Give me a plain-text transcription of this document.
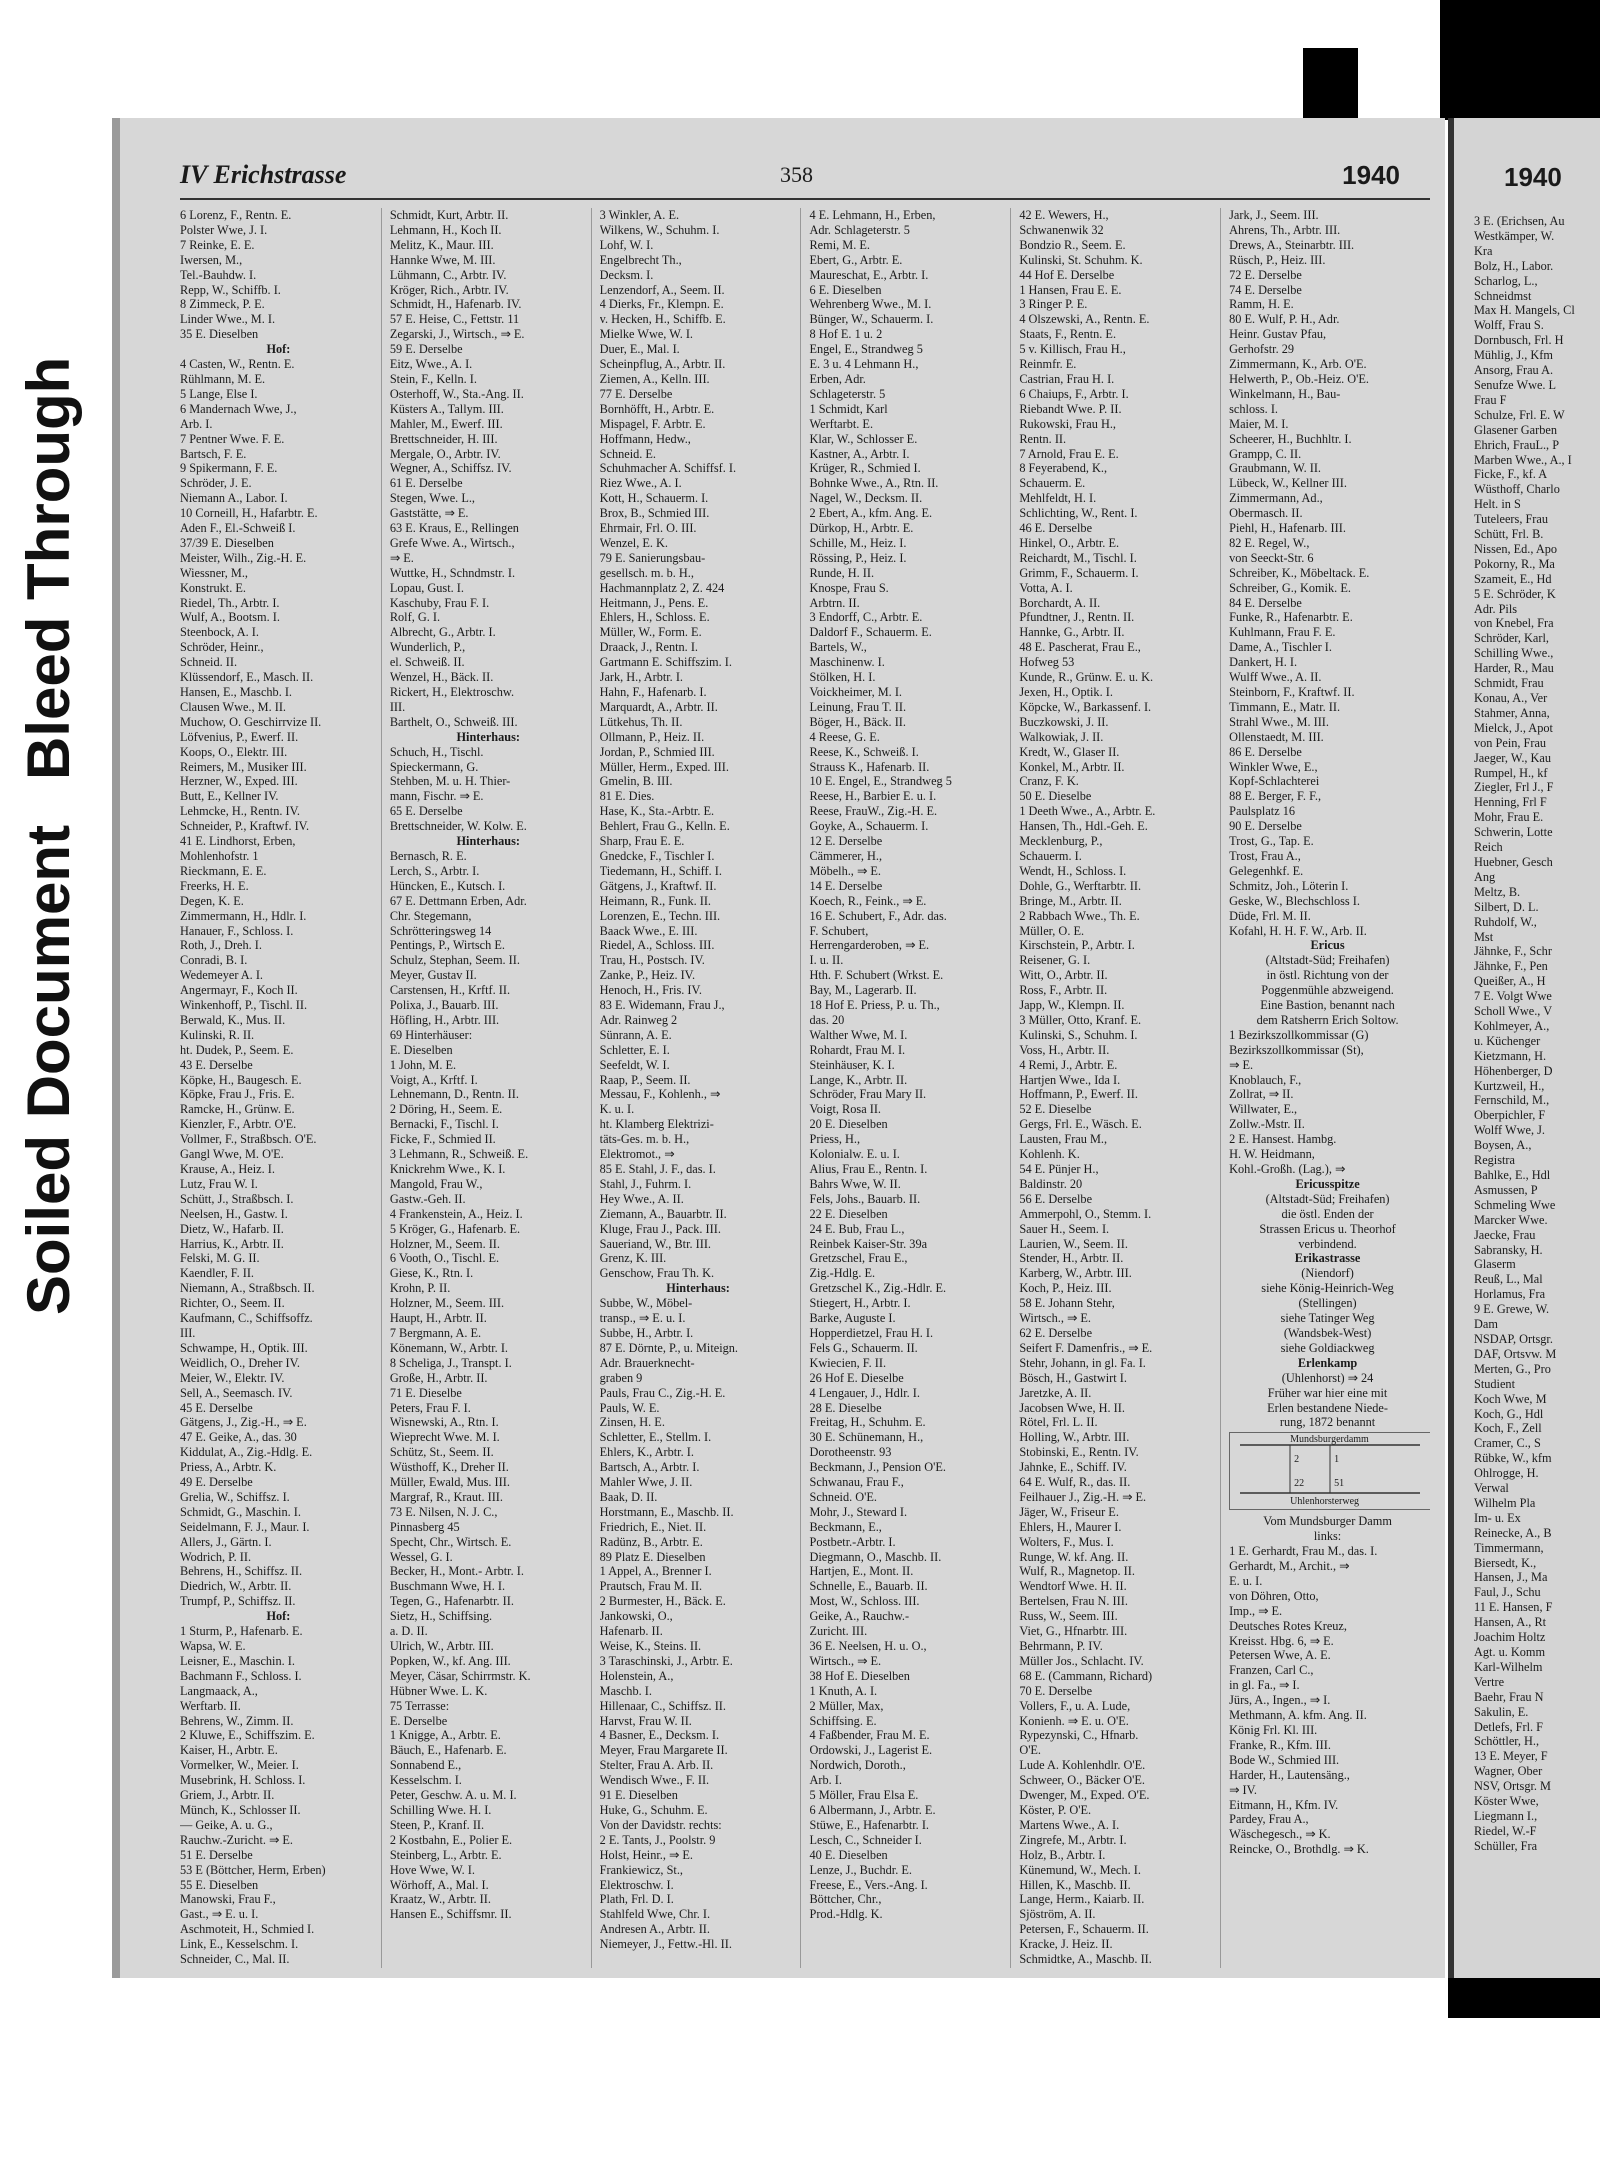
Soiled Document
Bleed Through
IV Erichstrasse	358	1940
6 Lorenz, F., Rentn. E.
Polster Wwe, J. I.
7 Reinke, E. E.
Iwersen, M.,
Tel.-Bauhdw. I.
Repp, W., Schiffb. I.
8 Zimmeck, P. E.
Linder Wwe., M. I.
35 E. Dieselben
Hof:
4 Casten, W., Rentn. E.
Rühlmann, M. E.
5 Lange, Else I.
6 Mandernach Wwe, J.,
Arb. I.
7 Pentner Wwe. F. E.
Bartsch, F. E.
9 Spikermann, F. E.
Schröder, J. E.
Niemann A., Labor. I.
10 Corneill, H., Hafarbtr. E.
Aden F., El.-Schweiß I.
37/39 E. Dieselben
Meister, Wilh., Zig.-H. E.
Wiessner, M.,
Konstrukt. E.
Riedel, Th., Arbtr. I.
Wulf, A., Bootsm. I.
Steenbock, A. I.
Schröder, Heinr.,
Schneid. II.
Klüssendorf, E., Masch. II.
Hansen, E., Maschb. I.
Clausen Wwe., M. II.
Muchow, O. Geschirrvize II.
Löfvenius, P., Ewerf. II.
Koops, O., Elektr. III.
Reimers, M., Musiker III.
Herzner, W., Exped. III.
Butt, E., Kellner IV.
Lehmcke, H., Rentn. IV.
Schneider, P., Kraftwf. IV.
41 E. Lindhorst, Erben,
Mohlenhofstr. 1
Rieckmann, E. E.
Freerks, H. E.
Degen, K. E.
Zimmermann, H., Hdlr. I.
Hanauer, F., Schloss. I.
Roth, J., Dreh. I.
Conradi, B. I.
Wedemeyer A. I.
Angermayr, F., Koch II.
Winkenhoff, P., Tischl. II.
Berwald, K., Mus. II.
Kulinski, R. II.
ht. Dudek, P., Seem. E.
43 E. Derselbe
Köpke, H., Baugesch. E.
Köpke, Frau J., Fris. E.
Ramcke, H., Grünw. E.
Kienzler, F., Arbtr. O'E.
Vollmer, F., Straßbsch. O'E.
Gangl Wwe, M. O'E.
Krause, A., Heiz. I.
Lutz, Frau W. I.
Schütt, J., Straßbsch. I.
Neelsen, H., Gastw. I.
Dietz, W., Hafarb. II.
Harrius, K., Arbtr. II.
Felski, M. G. II.
Kaendler, F. II.
Niemann, A., Straßbsch. II.
Richter, O., Seem. II.
Kaufmann, C., Schiffsoffz.
III.
Schwampe, H., Optik. III.
Weidlich, O., Dreher IV.
Meier, W., Elektr. IV.
Sell, A., Seemasch. IV.
45 E. Derselbe
Gätgens, J., Zig.-H., ⇒ E.
47 E. Geike, A., das. 30
Kiddulat, A., Zig.-Hdlg. E.
Priess, A., Arbtr. K.
49 E. Derselbe
Grelia, W., Schiffsz. I.
Schmidt, G., Maschin. I.
Seidelmann, F. J., Maur. I.
Allers, J., Gärtn. I.
Wodrich, P. II.
Behrens, H., Schiffsz. II.
Diedrich, W., Arbtr. II.
Trumpf, P., Schiffsz. II.
Hof:
1 Sturm, P., Hafenarb. E.
Wapsa, W. E.
Leisner, E., Maschin. I.
Bachmann F., Schloss. I.
Langmaack, A.,
Werftarb. II.
Behrens, W., Zimm. II.
2 Kluwe, E., Schiffszim. E.
Kaiser, H., Arbtr. E.
Vormelker, W., Meier. I.
Musebrink, H. Schloss. I.
Griem, J., Arbtr. II.
Münch, K., Schlosser II.
— Geike, A. u. G.,
Rauchw.-Zuricht. ⇒ E.
51 E. Derselbe
53 E (Böttcher, Herm, Erben)
55 E. Dieselben
Manowski, Frau F.,
Gast., ⇒ E. u. I.
Aschmoteit, H., Schmied I.
Link, E., Kesselschm. I.
Schneider, C., Mal. II.
Schmidt, Kurt, Arbtr. II.
Lehmann, H., Koch II.
Melitz, K., Maur. III.
Hannke Wwe, M. III.
Lühmann, C., Arbtr. IV.
Kröger, Rich., Arbtr. IV.
Schmidt, H., Hafenarb. IV.
57 E. Heise, C., Fettstr. 11
Zegarski, J., Wirtsch., ⇒ E.
59 E. Derselbe
Eitz, Wwe., A. I.
Stein, F., Kelln. I.
Osterhoff, W., Sta.-Ang. II.
Küsters A., Tallym. III.
Mahler, M., Ewerf. III.
Brettschneider, H. III.
Mergale, O., Arbtr. IV.
Wegner, A., Schiffsz. IV.
61 E. Derselbe
Stegen, Wwe. L.,
Gaststätte, ⇒ E.
63 E. Kraus, E., Rellingen
Grefe Wwe. A., Wirtsch.,
⇒ E.
Wuttke, H., Schndmstr. I.
Lopau, Gust. I.
Kaschuby, Frau F. I.
Rolf, G. I.
Albrecht, G., Arbtr. I.
Wunderlich, P.,
el. Schweiß. II.
Wenzel, H., Bäck. II.
Rickert, H., Elektroschw.
III.
Barthelt, O., Schweiß. III.
Hinterhaus:
Schuch, H., Tischl.
Spieckermann, G.
Stehben, M. u. H. Thier-
mann, Fischr. ⇒ E.
65 E. Derselbe
Brettschneider, W. Kolw. E.
Hinterhaus:
Bernasch, R. E.
Lerch, S., Arbtr. I.
Hüncken, E., Kutsch. I.
67 E. Dettmann Erben, Adr.
Chr. Stegemann,
Schrötteringsweg 14
Pentings, P., Wirtsch E.
Schulz, Stephan, Seem. II.
Meyer, Gustav II.
Carstensen, H., Krftf. II.
Polixa, J., Bauarb. III.
Höfling, H., Arbtr. III.
69 Hinterhäuser:
E. Dieselben
1 John, M. E.
Voigt, A., Krftf. I.
Lehnemann, D., Rentn. II.
2 Döring, H., Seem. E.
Bernacki, F., Tischl. I.
Ficke, F., Schmied II.
3 Lehmann, R., Schweiß. E.
Knickrehm Wwe., K. I.
Mangold, Frau W.,
Gastw.-Geh. II.
4 Frankenstein, A., Heiz. I.
5 Kröger, G., Hafenarb. E.
Holzner, M., Seem. II.
6 Vooth, O., Tischl. E.
Giese, K., Rtn. I.
Krohn, P. II.
Holzner, M., Seem. III.
Haupt, H., Arbtr. II.
7 Bergmann, A. E.
Könemann, W., Arbtr. I.
8 Scheliga, J., Transpt. I.
Große, H., Arbtr. II.
71 E. Dieselbe
Peters, Frau F. I.
Wisnewski, A., Rtn. I.
Wieprecht Wwe. M. I.
Schütz, St., Seem. II.
Wüsthoff, K., Dreher II.
Müller, Ewald, Mus. III.
Margraf, R., Kraut. III.
73 E. Nilsen, N. J. C.,
Pinnasberg 45
Specht, Chr., Wirtsch. E.
Wessel, G. I.
Becker, H., Mont.- Arbtr. I.
Buschmann Wwe, H. I.
Tegen, G., Hafenarbtr. II.
Sietz, H., Schiffsing.
a. D. II.
Ulrich, W., Arbtr. III.
Popken, W., kf. Ang. III.
Meyer, Cäsar, Schirrmstr. K.
Hübner Wwe. L. K.
75 Terrasse:
E. Derselbe
1 Knigge, A., Arbtr. E.
Bäuch, E., Hafenarb. E.
Sonnabend E.,
Kesselschm. I.
Peter, Geschw. A. u. M. I.
Schilling Wwe. H. I.
Steen, P., Kranf. II.
2 Kostbahn, E., Polier E.
Steinberg, L., Arbtr. E.
Hove Wwe, W. I.
Wörhoff, A., Mal. I.
Kraatz, W., Arbtr. II.
Hansen E., Schiffsmr. II.
3 Winkler, A. E.
Wilkens, W., Schuhm. I.
Lohf, W. I.
Engelbrecht Th.,
Decksm. I.
Lenzendorf, A., Seem. II.
4 Dierks, Fr., Klempn. E.
v. Hecken, H., Schiffb. E.
Mielke Wwe, W. I.
Duer, E., Mal. I.
Scheinpflug, A., Arbtr. II.
Ziemen, A., Kelln. III.
77 E. Derselbe
Bornhöfft, H., Arbtr. E.
Mispagel, F. Arbtr. E.
Hoffmann, Hedw.,
Schneid. E.
Schuhmacher A. Schiffsf. I.
Riez Wwe., A. I.
Kott, H., Schauerm. I.
Brox, B., Schmied III.
Ehrmair, Frl. O. III.
Wenzel, E. K.
79 E. Sanierungsbau-
gesellsch. m. b. H.,
Hachmannplatz 2, Z. 424
Heitmann, J., Pens. E.
Ehlers, H., Schloss. E.
Müller, W., Form. E.
Draack, J., Rentn. I.
Gartmann E. Schiffszim. I.
Jark, H., Arbtr. I.
Hahn, F., Hafenarb. I.
Marquardt, A., Arbtr. II.
Lütkehus, Th. II.
Ollmann, P., Heiz. II.
Jordan, P., Schmied III.
Müller, Herm., Exped. III.
Gmelin, B. III.
81 E. Dies.
Hase, K., Sta.-Arbtr. E.
Behlert, Frau G., Kelln. E.
Sharp, Frau E. E.
Gnedcke, F., Tischler I.
Tiedemann, H., Schiff. I.
Gätgens, J., Kraftwf. II.
Heimann, R., Funk. II.
Lorenzen, E., Techn. III.
Baack Wwe., E. III.
Riedel, A., Schloss. III.
Trau, H., Postsch. IV.
Zanke, P., Heiz. IV.
Henoch, H., Fris. IV.
83 E. Widemann, Frau J.,
Adr. Rainweg 2
Sünrann, A. E.
Schletter, E. I.
Seefeldt, W. I.
Raap, P., Seem. II.
Messau, F., Kohlenh., ⇒
K. u. I.
ht. Klamberg Elektrizi-
täts-Ges. m. b. H.,
Elektromot., ⇒
85 E. Stahl, J. F., das. I.
Stahl, J., Fuhrm. I.
Hey Wwe., A. II.
Ziemann, A., Bauarbtr. II.
Kluge, Frau J., Pack. III.
Saueriand, W., Btr. III.
Grenz, K. III.
Genschow, Frau Th. K.
Hinterhaus:
Subbe, W., Möbel-
transp., ⇒ E. u. I.
Subbe, H., Arbtr. I.
87 E. Dörnte, P., u. Miteign.
Adr. Brauerknecht-
graben 9
Pauls, Frau C., Zig.-H. E.
Pauls, W. E.
Zinsen, H. E.
Schletter, E., Stellm. I.
Ehlers, K., Arbtr. I.
Bartsch, A., Arbtr. I.
Mahler Wwe, J. II.
Baak, D. II.
Horstmann, E., Maschb. II.
Friedrich, E., Niet. II.
Radünz, B., Arbtr. E.
89 Platz E. Dieselben
1 Appel, A., Brenner I.
Prautsch, Frau M. II.
2 Burmester, H., Bäck. E.
Jankowski, O.,
Hafenarb. II.
Weise, K., Steins. II.
3 Taraschinski, J., Arbtr. E.
Holenstein, A.,
Maschb. I.
Hillenaar, C., Schiffsz. II.
Harvst, Frau W. II.
4 Basner, E., Decksm. I.
Meyer, Frau Margarete II.
Stelter, Frau A. Arb. II.
Wendisch Wwe., F. II.
91 E. Dieselben
Huke, G., Schuhm. E.
Von der Davidstr. rechts:
2 E. Tants, J., Poolstr. 9
Holst, Heinr., ⇒ E.
Frankiewicz, St.,
Elektroschw. I.
Plath, Frl. D. I.
Stahlfeld Wwe, Chr. I.
Andresen A., Arbtr. II.
Niemeyer, J., Fettw.-Hl. II.
4 E. Lehmann, H., Erben,
Adr. Schlageterstr. 5
Remi, M. E.
Ebert, G., Arbtr. E.
Maureschat, E., Arbtr. I.
6 E. Dieselben
Wehrenberg Wwe., M. I.
Bünger, W., Schauerm. I.
8 Hof E. 1 u. 2
Engel, E., Strandweg 5
E. 3 u. 4 Lehmann H.,
Erben, Adr.
Schlageterstr. 5
1 Schmidt, Karl
Werftarbt. E.
Klar, W., Schlosser E.
Kastner, A., Arbtr. I.
Krüger, R., Schmied I.
Bohnke Wwe., A., Rtn. II.
Nagel, W., Decksm. II.
2 Ebert, A., kfm. Ang. E.
Dürkop, H., Arbtr. E.
Schille, M., Heiz. I.
Rössing, P., Heiz. I.
Runde, H. II.
Knospe, Frau S.
Arbtrn. II.
3 Endorff, C., Arbtr. E.
Daldorf F., Schauerm. E.
Bartels, W.,
Maschinenw. I.
Stölken, H. I.
Voickheimer, M. I.
Leinung, Frau T. II.
Böger, H., Bäck. II.
4 Reese, G. E.
Reese, K., Schweiß. I.
Strauss K., Hafenarb. II.
10 E. Engel, E., Strandweg 5
Reese, H., Barbier E. u. I.
Reese, FrauW., Zig.-H. E.
Goyke, A., Schauerm. I.
12 E. Derselbe
Cämmerer, H.,
Möbelh., ⇒ E.
14 E. Derselbe
Koech, R., Feink., ⇒ E.
16 E. Schubert, F., Adr. das.
F. Schubert,
Herrengarderoben, ⇒ E.
I. u. II.
Hth. F. Schubert (Wrkst. E.
Bay, M., Lagerarb. II.
18 Hof E. Priess, P. u. Th.,
das. 20
Walther Wwe, M. I.
Rohardt, Frau M. I.
Steinhäuser, K. I.
Lange, K., Arbtr. II.
Schröder, Frau Mary II.
Voigt, Rosa II.
20 E. Dieselben
Priess, H.,
Kolonialw. E. u. I.
Alius, Frau E., Rentn. I.
Bahrs Wwe, W. II.
Fels, Johs., Bauarb. II.
22 E. Dieselben
24 E. Bub, Frau L.,
Reinbek Kaiser-Str. 39a
Gretzschel, Frau E.,
Zig.-Hdlg. E.
Gretzschel K., Zig.-Hdlr. E.
Stiegert, H., Arbtr. I.
Barke, Auguste I.
Hopperdietzel, Frau H. I.
Fels G., Schauerm. II.
Kwiecien, F. II.
26 Hof E. Dieselbe
4 Lengauer, J., Hdlr. I.
28 E. Dieselbe
Freitag, H., Schuhm. E.
30 E. Schünemann, H.,
Dorotheenstr. 93
Beckmann, J., Pension O'E.
Schwanau, Frau F.,
Schneid. O'E.
Mohr, J., Steward I.
Beckmann, E.,
Postbetr.-Arbtr. I.
Diegmann, O., Maschb. II.
Hartjen, E., Mont. II.
Schnelle, E., Bauarb. II.
Most, W., Schloss. III.
Geike, A., Rauchw.-
Zuricht. III.
36 E. Neelsen, H. u. O.,
Wirtsch., ⇒ E.
38 Hof E. Dieselben
1 Knuth, A. I.
2 Müller, Max,
Schiffsing. E.
4 Faßbender, Frau M. E.
Ordowski, J., Lagerist E.
Nordwich, Doroth.,
Arb. I.
5 Möller, Frau Elsa E.
6 Albermann, J., Arbtr. E.
Stüwe, E., Hafenarbtr. I.
Lesch, C., Schneider I.
40 E. Dieselben
Lenze, J., Buchdr. E.
Freese, E., Vers.-Ang. I.
Böttcher, Chr.,
Prod.-Hdlg. K.
42 E. Wewers, H.,
Schwanenwik 32
Bondzio R., Seem. E.
Kulinski, St. Schuhm. K.
44 Hof E. Derselbe
1 Hansen, Frau E. E.
3 Ringer P. E.
4 Olszewski, A., Rentn. E.
Staats, F., Rentn. E.
5 v. Killisch, Frau H.,
Reinmfr. E.
Castrian, Frau H. I.
6 Chaiups, F., Arbtr. I.
Riebandt Wwe. P. II.
Rukowski, Frau H.,
Rentn. II.
7 Arnold, Frau E. E.
8 Feyerabend, K.,
Schauerm. E.
Mehlfeldt, H. I.
Schlichting, W., Rent. I.
46 E. Derselbe
Hinkel, O., Arbtr. E.
Reichardt, M., Tischl. I.
Grimm, F., Schauerm. I.
Votta, A. I.
Borchardt, A. II.
Pfundtner, J., Rentn. II.
Hannke, G., Arbtr. II.
48 E. Pascherat, Frau E.,
Hofweg 53
Kunde, R., Grünw. E. u. K.
Jexen, H., Optik. I.
Köpcke, W., Barkassenf. I.
Buczkowski, J. II.
Walkowiak, J. II.
Kredt, W., Glaser II.
Konkel, M., Arbtr. II.
Cranz, F. K.
50 E. Dieselbe
1 Deeth Wwe., A., Arbtr. E.
Hansen, Th., Hdl.-Geh. E.
Mecklenburg, P.,
Schauerm. I.
Wendt, H., Schloss. I.
Dohle, G., Werftarbtr. II.
Bringe, M., Arbtr. II.
2 Rabbach Wwe., Th. E.
Müller, O. E.
Kirschstein, P., Arbtr. I.
Reisener, G. I.
Witt, O., Arbtr. II.
Ross, F., Arbtr. II.
Japp, W., Klempn. II.
3 Müller, Otto, Kranf. E.
Kulinski, S., Schuhm. I.
Voss, H., Arbtr. II.
4 Remi, J., Arbtr. E.
Hartjen Wwe., Ida I.
Hoffmann, P., Ewerf. II.
52 E. Dieselbe
Gergs, Frl. E., Wäsch. E.
Lausten, Frau M.,
Kohlenh. K.
54 E. Pünjer H.,
Baldinstr. 20
56 E. Derselbe
Ammerpohl, O., Stemm. I.
Sauer H., Seem. I.
Laurien, W., Seem. II.
Stender, H., Arbtr. II.
Karberg, W., Arbtr. III.
Koch, P., Heiz. III.
58 E. Johann Stehr,
Wirtsch., ⇒ E.
62 E. Derselbe
Seifert F. Damenfris., ⇒ E.
Stehr, Johann, in gl. Fa. I.
Bösch, H., Gastwirt I.
Jaretzke, A. II.
Jacobsen Wwe, H. II.
Rötel, Frl. L. II.
Holling, W., Arbtr. III.
Stobinski, E., Rentn. IV.
Jahnke, E., Schiff. IV.
64 E. Wulf, R., das. II.
Feilhauer J., Zig.-H. ⇒ E.
Jäger, W., Friseur E.
Ehlers, H., Maurer I.
Wolters, F., Mus. I.
Runge, W. kf. Ang. II.
Wulf, R., Magnetop. II.
Wendtorf Wwe. H. II.
Bertelsen, Frau N. III.
Russ, W., Seem. III.
Viet, G., Hfnarbtr. III.
Behrmann, P. IV.
Müller Jos., Schlacht. IV.
68 E. (Cammann, Richard)
70 E. Derselbe
Vollers, F., u. A. Lude,
Konienh. ⇒ E. u. O'E.
Rypezynski, C., Hfnarb.
O'E.
Lude A. Kohlenhdlr. O'E.
Schweer, O., Bäcker O'E.
Dwenger, M., Exped. O'E.
Köster, P. O'E.
Martens Wwe., A. I.
Zingrefe, M., Arbtr. I.
Holz, B., Arbtr. I.
Künemund, W., Mech. I.
Hillen, K., Maschb. II.
Lange, Herm., Kaiarb. II.
Sjöström, A. II.
Petersen, F., Schauerm. II.
Kracke, J. Heiz. II.
Schmidtke, A., Maschb. II.
Jark, J., Seem. III.
Ahrens, Th., Arbtr. III.
Drews, A., Steinarbtr. III.
Rüsch, P., Heiz. III.
72 E. Derselbe
74 E. Derselbe
Ramm, H. E.
80 E. Wulf, P. H., Adr.
Heinr. Gustav Pfau,
Gerhofstr. 29
Zimmermann, K., Arb. O'E.
Helwerth, P., Ob.-Heiz. O'E.
Winkelmann, H., Bau-
schloss. I.
Maier, M. I.
Scheerer, H., Buchhltr. I.
Grampp, C. II.
Graubmann, W. II.
Lübeck, W., Kellner III.
Zimmermann, Ad.,
Obermasch. II.
Piehl, H., Hafenarb. III.
82 E. Regel, W.,
von Seeckt-Str. 6
Schreiber, K., Möbeltack. E.
Schreiber, G., Komik. E.
84 E. Derselbe
Funke, R., Hafenarbtr. E.
Kuhlmann, Frau F. E.
Dame, A., Tischler I.
Dankert, H. I.
Wulff Wwe., A. II.
Steinborn, F., Kraftwf. II.
Timmann, E., Matr. II.
Strahl Wwe., M. III.
Ollenstaedt, M. III.
86 E. Derselbe
Winkler Wwe, E.,
Kopf-Schlachterei
88 E. Berger, F. F.,
Paulsplatz 16
90 E. Derselbe
Trost, G., Tap. E.
Trost, Frau A.,
Gelegenhkf. E.
Schmitz, Joh., Löterin I.
Geske, W., Blechschloss I.
Düde, Frl. M. II.
Kofahl, H. H. F. W., Arb. II.
Ericus
(Altstadt-Süd; Freihafen)
in östl. Richtung von der
Poggenmühle abzweigend.
Eine Bastion, benannt nach
dem Ratsherrn Erich Soltow.
1 Bezirkszollkommissar (G)
Bezirkszollkommissar (St),
⇒ E.
Knoblauch, F.,
Zollrat, ⇒ II.
Willwater, E.,
Zollw.-Mstr. II.
2 E. Hansest. Hambg.
H. W. Heidmann,
Kohl.-Großh. (Lag.), ⇒
Ericusspitze
(Altstadt-Süd; Freihafen)
die östl. Enden der
Strassen Ericus u. Theorhof
verbindend.
Erikastrasse
(Niendorf)
siehe König-Heinrich-Weg
(Stellingen)
siehe Tatinger Weg
(Wandsbek-West)
siehe Goldiackweg
Erlenkamp
(Uhlenhorst) ⇒ 24
Früher war hier eine mit
Erlen bestandene Niede-
rung, 1872 benannt
Mundsburgerdamm
Uhlenhorsterweg
2	1
22	51
Vom Mundsburger Damm
links:
1 E. Gerhardt, Frau M., das. I.
Gerhardt, M., Archit., ⇒
E. u. I.
von Döhren, Otto,
Imp., ⇒ E.
Deutsches Rotes Kreuz,
Kreisst. Hbg. 6, ⇒ E.
Petersen Wwe, A. E.
Franzen, Carl C.,
in gl. Fa., ⇒ I.
Jürs, A., Ingen., ⇒ I.
Methmann, A. kfm. Ang. II.
König Frl. Kl. III.
Franke, R., Kfm. III.
Bode W., Schmied III.
Harder, H., Lautensäng.,
⇒ IV.
Eitmann, H., Kfm. IV.
Pardey, Frau A.,
Wäschegesch., ⇒ K.
Reincke, O., Brothdlg. ⇒ K.
1940
3 E. (Erichsen, Au
Westkämper, W.
Kra
Bolz, H., Labor.
Scharlog, L.,
Schneidmst
Max H. Mangels, Cl
Wolff, Frau S.
Dornbusch, Frl. H
Mühlig, J., Kfm
Ansorg, Frau A.
Senufze Wwe. L
Frau F
Schulze, Frl. E. W
Glasener Garben
Ehrich, FrauL., P
Marben Wwe., A., I
Ficke, F., kf. A
Wüsthoff, Charlo
Helt. in S
Tuteleers, Frau
Schütt, Frl. B.
Nissen, Ed., Apo
Pokorny, R., Ma
Szameit, E., Hd
5 E. Schröder, K
Adr. Pils
von Knebel, Fra
Schröder, Karl,
Schilling Wwe.,
Harder, R., Mau
Schmidt, Frau
Konau, A., Ver
Stahmer, Anna,
Mielck, J., Apot
von Pein, Frau
Jaeger, W., Kau
Rumpel, H., kf
Ziegler, Frl J., F
Henning, Frl F
Mohr, Frau E.
Schwerin, Lotte
Reich
Huebner, Gesch
Ang
Meltz, B.
Silbert, D. L.
Ruhdolf, W.,
Mst
Jähnke, F., Schr
Jähnke, F., Pen
Queißer, A., H
7 E. Volgt Wwe
Scholl Wwe., V
Kohlmeyer, A.,
u. Küchenger
Kietzmann, H.
Höhenberger, D
Kurtzweil, H.,
Fernschild, M.,
Oberpichler, F
Wolff Wwe, J.
Boysen, A.,
Registra
Bahlke, E., Hdl
Asmussen, P
Schmeling Wwe
Marcker Wwe.
Jaecke, Frau
Sabransky, H.
Glaserm
Reuß, L., Mal
Horlamus, Fra
9 E. Grewe, W.
Dam
NSDAP, Ortsgr.
DAF, Ortsvw. M
Merten, G., Pro
Studient
Koch Wwe, M
Koch, G., Hdl
Koch, F., Zell
Cramer, C., S
Rübke, W., kfm
Ohlrogge, H.
Verwal
Wilhelm Pla
Im- u. Ex
Reinecke, A., B
Timmermann,
Biersedt, K.,
Hansen, J., Ma
Faul, J., Schu
11 E. Hansen, F
Hansen, A., Rt
Joachim Holtz
Agt. u. Komm
Karl-Wilhelm
Vertre
Baehr, Frau N
Sakulin, E.
Detlefs, Frl. F
Schöttler, H.,
13 E. Meyer, F
Wagner, Ober
NSV, Ortsgr. M
Köster Wwe,
Liegmann I.,
Riedel, W.-F
Schüller, Fra
